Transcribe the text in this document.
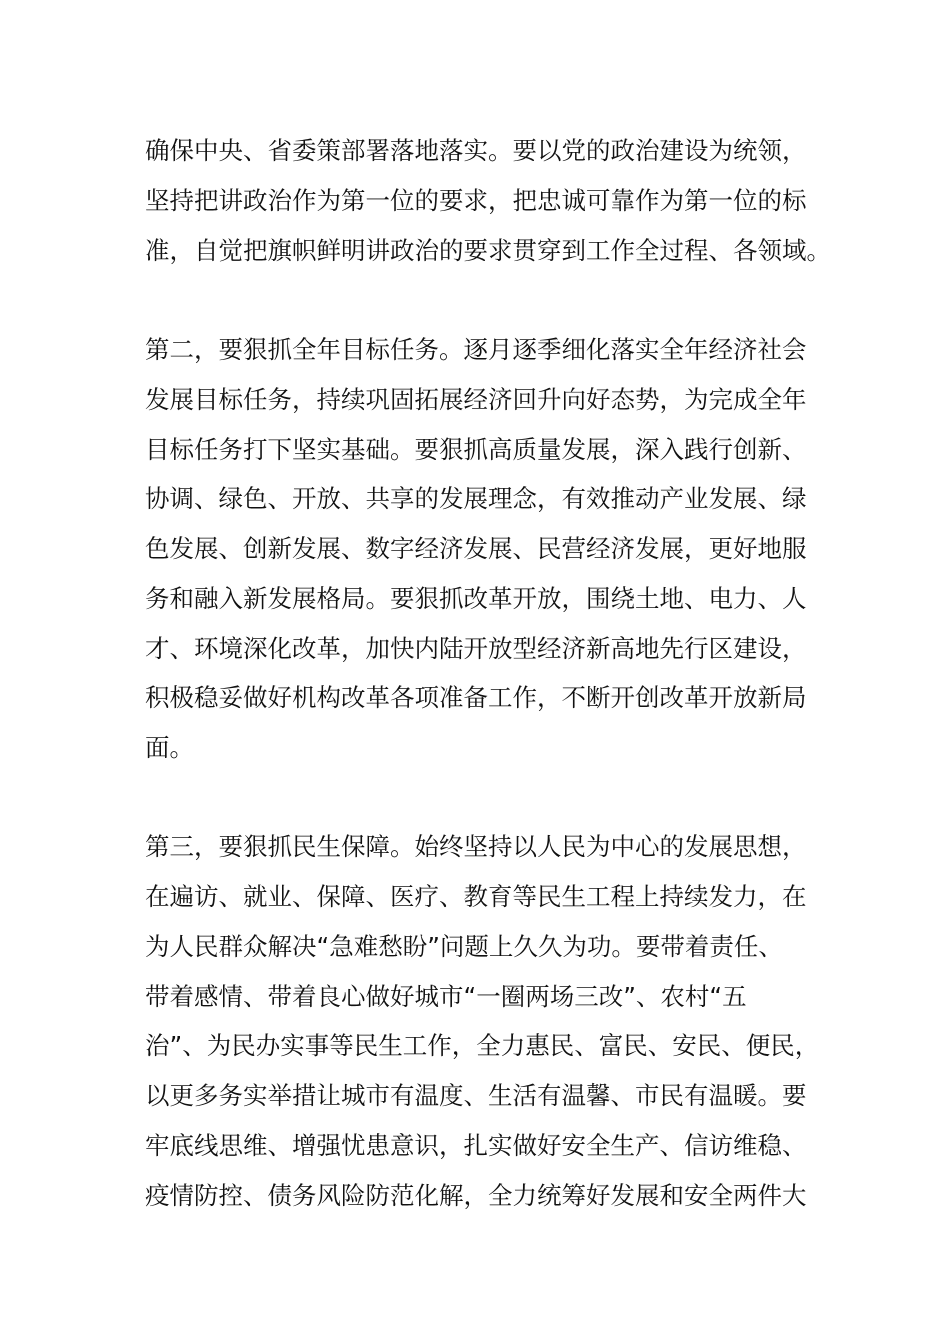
确保中央、省委策部署落地落实。要以党的政治建设为统领，

坚持把讲政治作为第一位的要求，把忠诚可靠作为第一位的标

准，自觉把旗帜鲜明讲政治的要求贯穿到工作全过程、各领域。

第二，要狠抓全年目标任务。逐月逐季细化落实全年经济社会

发展目标任务，持续巩固拓展经济回升向好态势，为完成全年

目标任务打下坚实基础。要狠抓高质量发展，深入践行创新、

协调、绿色、开放、共享的发展理念，有效推动产业发展、绿

色发展、创新发展、数字经济发展、民营经济发展，更好地服

务和融入新发展格局。要狠抓改革开放，围绕土地、电力、人

才、环境深化改革，加快内陆开放型经济新高地先行区建设，

积极稳妥做好机构改革各项准备工作，不断开创改革开放新局

面。

第三，要狠抓民生保障。始终坚持以人民为中心的发展思想，

在遍访、就业、保障、医疗、教育等民生工程上持续发力，在

为人民群众解决“急难愁盼”问题上久久为功。要带着责任、

带着感情、带着良心做好城市“一圈两场三改”、农村“五

治”、为民办实事等民生工作，全力惠民、富民、安民、便民，

以更多务实举措让城市有温度、生活有温馨、市民有温暖。要

牢底线思维、增强忧患意识，扎实做好安全生产、信访维稳、

疫情防控、债务风险防范化解，全力统筹好发展和安全两件大
